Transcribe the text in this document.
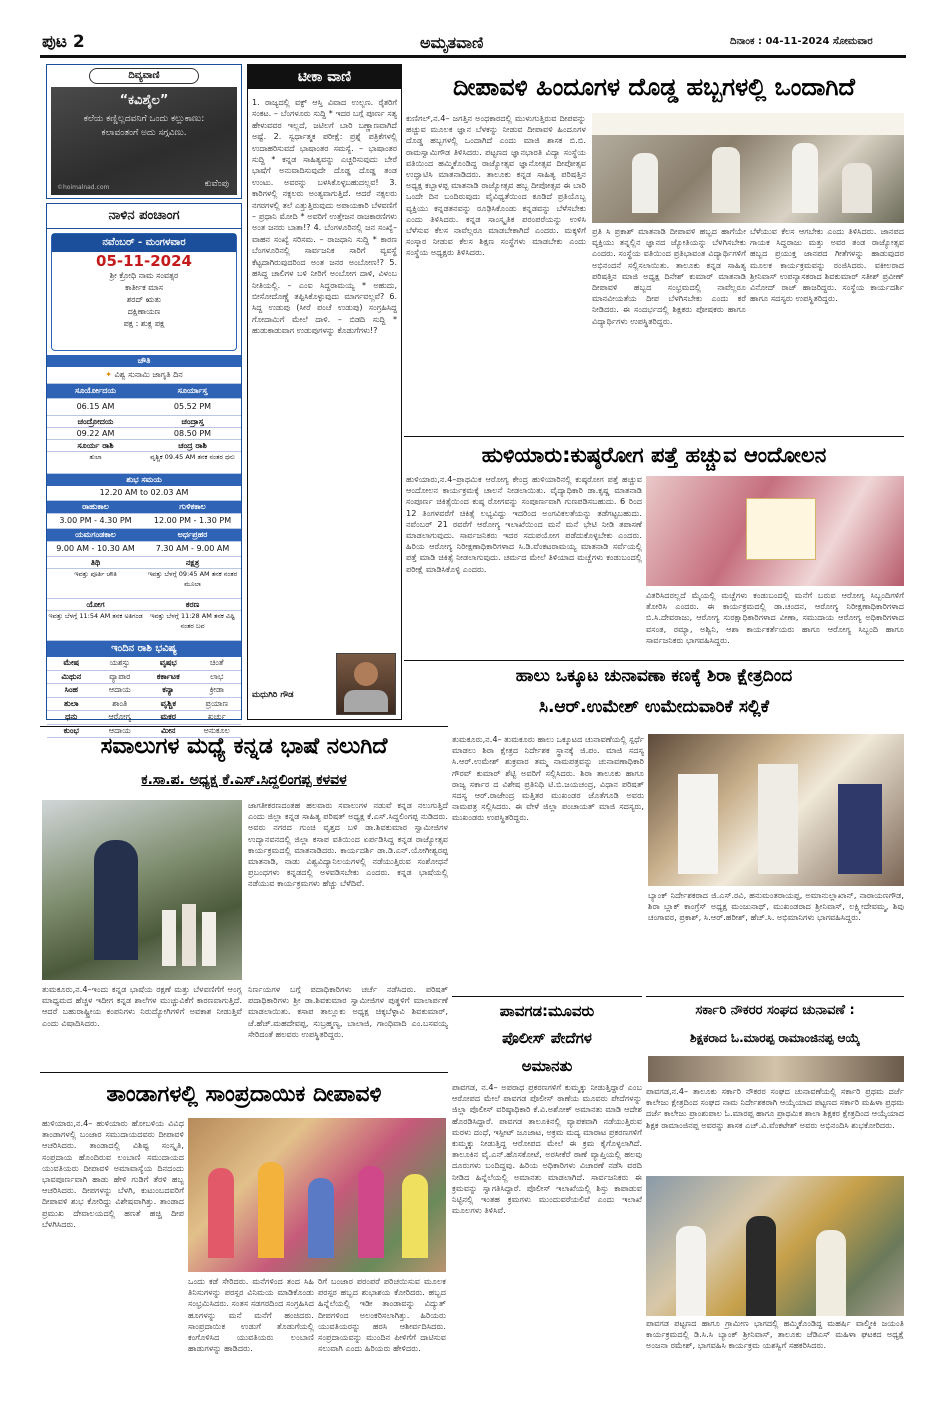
ಪುಟ 2	ಅಮೃತವಾಣಿ	ದಿನಾಂಕ : 04-11-2024 ಸೋಮವಾರ
ದಿವ್ಯವಾಣಿ
“ಕವಿಶೈಲ”
ಕಲೆಯ ಕಣ್ಣಿಲ್ಲದವನಿಗೆ ಒಂದು ಕಲ್ಲುಕಾಣು:
ಕಲಾವಂತಂಗೆ ಅದು ಸಗ್ಗವಿಣು.
©hoimalnad.com	ಕುವೆಂಪು
ನಾಳಿನ ಪಂಚಾಂಗ
ನವೆಂಬರ್ - ಮಂಗಳವಾರ
05-11-2024
ಶ್ರೀ ಕ್ರೋಧಿ ನಾಮ ಸಂವತ್ಸರ
ಕಾರ್ತೀಕ ಮಾಸ
ಶರದ್ ಋತು
ದಕ್ಷಿಣಾಯಣ
ಪಕ್ಷ : ಶುಕ್ಲ ಪಕ್ಷ
ಚೌತಿ
✦ ವಿಶ್ವ ಸುನಾಮಿ ಜಾಗೃತಿ ದಿನ
ಸೂರ್ಯೋದಯ	ಸೂರ್ಯಾಸ್ತ
06.15 AM	05.52 PM
ಚಂದ್ರೋದಯ	ಚಂದ್ರಾಸ್ತ
09.22 AM	08.50 PM
ಸೂರ್ಯ ರಾಶಿ	ಚಂದ್ರ ರಾಶಿ
ತುಲಾ	ವೃಶ್ಚಿಕ 09.45 AM ತನಕ ನಂತರ ಧನು
ಶುಭ ಸಮಯ
12.20 AM to 02.03 AM
ರಾಹುಕಾಲ	ಗುಳಿಕಕಾಲ
3.00 PM - 4.30 PM	12.00 PM - 1.30 PM
ಯಮಗಂಡಕಾಲ	ಅರ್ಧಪ್ರಹರ
9.00 AM - 10.30 AM	7.30 AM - 9.00 AM
ತಿಥಿ	ನಕ್ಷತ್ರ
ಇವತ್ತು ಪೂರ್ತಿ ಚೌತಿ	ಇವತ್ತು ಬೆಳಗ್ಗೆ 09:45 AM ತನಕ ನಂತರ ಮೂಲಾ
ಯೋಗ	ಕರಣ
ಇವತ್ತು ಬೆಳಗ್ಗೆ 11:54 AM ತನಕ ಅತಿಗಂಡ	ಇವತ್ತು ಬೆಳಗ್ಗೆ 11:28 AM ತನಕ ವಿಷ್ಟಿ ನಂತರ ಬವ
ಇಂದಿನ ರಾಶಿ ಭವಿಷ್ಯ
ಮೇಷ	ಯಶಸ್ಸು	ವೃಷಭ	ಚಿಂತೆ
ಮಿಥುನ	ವ್ಯಾಪಾರ	ಕರ್ಕಾಟಕ	ಲಾಭ
ಸಿಂಹ	ಆದಾಯ	ಕನ್ಯಾ	ಕ್ರೀಡಾ
ತುಲಾ	ಶಾಂತಿ	ವೃಶ್ಚಿಕ	ಪ್ರಯಾಣ
ಧನು	ಆರೋಗ್ಯ	ಮಕರ	ಖರ್ಚು
ಕುಂಭ	ಆದಾಯ	ಮೀನ	ಅನುಕೂಲ
ಟೀಕಾ ವಾಣಿ
1. ರಾಜ್ಯದಲ್ಲಿ ವಕ್ಫ್ ಆಸ್ತಿ ವಿವಾದ ಉಲ್ಬಣ. ರೈತರಿಗೆ ಸಂಕಟ. – ಬೆಂಗಳೂರು ಸುದ್ದಿ * ಇದರ ಬಗ್ಗೆ ಪೂರ್ಣ ಸತ್ಯ ಹೇಳುವವರ ಇಲ್ಲದೆ, ಜಟಿಲಗೆ ಬಾರಿ ಬಣ್ಣಾಣವಾಗಿದೆ ಅಷ್ಟೆ. 2. ಸ್ವರ್ಧಾತ್ಮಕ ಪರೀಕ್ಷೆ: ಪ್ರಶ್ನೆ ಪತ್ರಿಕೆಗಳಲ್ಲಿ ಉದಾಹರಿಸುವದೆ ಭಾಷಾಂತರ ಸಮಸ್ಯೆ. – ಭಾಷಾಂತರ ಸುದ್ದಿ * ಕನ್ನಡ ಸಾಹಿತ್ಯವನ್ನು ಎಚ್ಚರಿಸುವುದು ಬೇರೆ ಭಾಷೆಗೆ ಅನುವಾದಿಸುವುದೇ ದೊಡ್ಡ ದೊಡ್ಡ ತಂಡ ಉಂಟು. ಅವರನ್ನು ಬಳಸಿಕೊಳ್ಳಬಹುದಲ್ಲವ! 3. ಕಾರಿಗಳಲ್ಲಿ ನಕ್ಸಲರು ಅಂತ್ಯವಾಗುತ್ತಿದೆ. ಆದರೆ ನಕ್ಸಲರು ನಗರಗಳಲ್ಲಿ ತಲೆ ಎತ್ತುತ್ತಿರುವುದು ಅಪಾಯಕಾರಿ ಬೆಳವಣಿಗೆ – ಪ್ರಧಾನಿ ಮೋದಿ * ಅವರಿಗೆ ಉತ್ತೇಜನ ರಾಜಕಾರಣಿಗಳು ಅಂತ ಜನರು ಬಾತಾ!? 4. ಬೆಂಗಳೂರಿನಲ್ಲಿ ಜನ ಸಂಖ್ಯೆ–ವಾಹನ ಸಂಖ್ಯೆ ಸರಿಸಮ. – ರಾಜಧಾನಿ ಸುದ್ದಿ * ಕಾರಣ ಬೆಂಗಳೂರಿನಲ್ಲಿ ಸಾರ್ವಜನಿಕ ಸಾರಿಗೆ ವ್ಯವಸ್ಥೆ ಕೆಟ್ಟದಾಗಿರುವುದರಿಂದ ಅಂತ ಜನರ ಅಂಬೋಣ!? 5. ಹಸಿದ್ದ ಚಾಲಿಗಳ ಬಳಿ ನೀರಿಗೆ ಅಂಬೋಗ ದಾಳಿ, ವಿಳಂಬ ನೀತಿಯಲ್ಲಿ. – ಎಂಐ ಸಿದ್ದರಾಮಯ್ಯ * ಅಹುದು, ಬೀಸೋದೊಣ್ಣೆ ತಪ್ಪಿಸಿಕೊಳ್ಳುವುದು ಮಾರ್ಗವಲ್ಲವೆ? 6. ಸಿದ್ದ ಉಡುಪು (ಸೀರೆ ಪಂಚೆ ಉಡುಪು) ಸಂಗ್ರಹಿಸಿದ್ದ ಗೋದಾಮಿಗೆ ಮೇಲೆ ದಾಳಿ. – ಬಿಡದಿ ಸುದ್ದಿ * ಹುಡುಕಾಡುವಾಗ ಉಡುಪುಗಳನ್ನು ಕೊಡುಗೆಗಳು!?
ಮಧುಗಿರಿ ಗೌಡ
ದೀಪಾವಳಿ ಹಿಂದೂಗಳ ದೊಡ್ಡ ಹಬ್ಬಗಳಲ್ಲಿ ಒಂದಾಗಿದೆ
ಕುಣಿಗಲ್,ನ.4– ಜಗತ್ತಿನ ಅಂಧಕಾರದಲ್ಲಿ ಮುಳುಗುತ್ತಿರುವ ದೀಪವನ್ನು ಹಚ್ಚುವ ಮೂಲಕ ಜ್ಞಾನ ಬೆಳಕನ್ನು ನೀಡುವ ದೀಪಾವಳಿ ಹಿಂದೂಗಳ ದೊಡ್ಡ ಹಬ್ಬಗಳಲ್ಲಿ ಒಂದಾಗಿದೆ ಎಂದು ಮಾಜಿ ಶಾಸಕ ಬಿ.ಬಿ. ರಾಮಸ್ವಾಮಿಗೌಡ ತಿಳಿಸಿದರು. ಪಟ್ಟಣದ ಜ್ಞಾನಭಾರತಿ ವಿದ್ಯಾ ಸಂಸ್ಥೆಯ ವತಿಯಿಂದ ಹಮ್ಮಿಕೊಂಡಿದ್ದ ರಾಜ್ಯೋತ್ಸವ ಜ್ಞಾನೋತ್ಸವ ದೀಪೋತ್ಸವ ಉದ್ಘಾಟಿಸಿ ಮಾತನಾಡಿದರು. ತಾಲೂಕು ಕನ್ನಡ ಸಾಹಿತ್ಯ ಪರಿಷತ್ತಿನ ಅಧ್ಯಕ್ಷ ಕಬ್ಬಾಳಪ್ಪ ಮಾತನಾಡಿ ರಾಜ್ಯೋತ್ಸವ ಹಬ್ಬ ದೀಪೋತ್ಸವ ಈ ಬಾರಿ ಒಂದೇ ದಿನ ಬಂದಿರುವುದು ವೈವಿಧ್ಯತೆಯಿಂದ ಕೂಡಿದೆ ಪ್ರತಿಯೊಬ್ಬ ವ್ಯಕ್ತಿಯು ಕನ್ನಡತನವನ್ನು ರೂಢಿಸಿಕೊಂಡು ಕನ್ನಡವನ್ನು ಬೆಳೆಸಬೇಕು ಎಂದು ತಿಳಿಸಿದರು. ಕನ್ನಡ ಸಾಂಸ್ಕೃತಿಕ ಪರಂಪರೆಯನ್ನು ಉಳಿಸಿ ಬೆಳೆಸುವ ಕೆಲಸ ನಾವೆಲ್ಲರೂ ಮಾಡಬೇಕಾಗಿದೆ ಎಂದರು. ಮಕ್ಕಳಿಗೆ ಸಂಸ್ಕಾರ ನೀಡುವ ಕೆಲಸ ಶಿಕ್ಷಣ ಸಂಸ್ಥೆಗಳು ಮಾಡಬೇಕು ಎಂದು ಸಂಸ್ಥೆಯ ಅಧ್ಯಕ್ಷರು ತಿಳಿಸಿದರು.
ಪ್ರತಿ ಸಿ ಪ್ರಕಾಶ್ ಮಾತನಾಡಿ ದೀಪಾವಳಿ ಹಬ್ಬದ ಹಾಗೆಯೇ ವ್ಯಕ್ತಿಯು ತನ್ನಲ್ಲಿನ ಜ್ಞಾನದ ಜ್ಯೋತಿಯನ್ನು ಬೆಳಗಿಸಬೇಕು ಎಂದರು. ಸಂಸ್ಥೆಯ ವತಿಯಿಂದ ಪ್ರತಿಭಾವಂತ ವಿದ್ಯಾರ್ಥಿಗಳಿಗೆ ಅಭಿನಂದನೆ ಸಲ್ಲಿಸಲಾಯಿತು. ತಾಲೂಕು ಕನ್ನಡ ಸಾಹಿತ್ಯ ಪರಿಷತ್ತಿನ ಮಾಜಿ ಅಧ್ಯಕ್ಷ ದಿನೇಶ್ ಕುಮಾರ್ ಮಾತನಾಡಿ ದೀಪಾವಳಿ ಹಬ್ಬದ ಸಂಭ್ರಮದಲ್ಲಿ ನಾವೆಲ್ಲರೂ ಮಾನವೀಯತೆಯ ದೀಪ ಬೆಳಗಿಸಬೇಕು ಎಂದು ಕರೆ ನೀಡಿದರು. ಈ ಸಂದರ್ಭದಲ್ಲಿ ಶಿಕ್ಷಕರು ಪೋಷಕರು ಹಾಗೂ ವಿದ್ಯಾರ್ಥಿಗಳು ಉಪಸ್ಥಿತರಿದ್ದರು.
ಬೆಳೆಯುವ ಕೆಲಸ ಆಗಬೇಕು ಎಂದು ತಿಳಿಸಿದರು. ಜಾನಪದ ಗಾಯಕ ಸಿದ್ದರಾಜು ಮತ್ತು ಅವರ ತಂಡ ರಾಜ್ಯೋತ್ಸವ ಹಬ್ಬದ ಪ್ರಯುಕ್ತ ಜಾನಪದ ಗೀತೆಗಳನ್ನು ಹಾಡುವುದರ ಮೂಲಕ ಕಾರ್ಯಕ್ರಮವನ್ನು ರಂಜಿಸಿದರು. ವಕೀಲರಾದ ಶ್ರೀನಿವಾಸ್ ಉಪನ್ಯಾಸಕರಾದ ಶಿವಕುಮಾರ್ ಸತೀಶ್ ಪ್ರವೀಣ್ ವಿನೋದ್ ರಾಜ್ ಹಾಜರಿದ್ದರು. ಸಂಸ್ಥೆಯ ಕಾರ್ಯದರ್ಶಿ ಹಾಗೂ ಸದಸ್ಯರು ಉಪಸ್ಥಿತರಿದ್ದರು.
ಹುಳಿಯಾರು:ಕುಷ್ಠರೋಗ ಪತ್ತೆ ಹಚ್ಚುವ ಆಂದೋಲನ
ಹುಳಿಯಾರು,ನ.4–ಪ್ರಾಥಮಿಕ ಆರೋಗ್ಯ ಕೇಂದ್ರ ಹುಳಿಯಾರಿನಲ್ಲಿ ಕುಷ್ಠರೋಗ ಪತ್ತೆ ಹಚ್ಚುವ ಆಂದೋಲನ ಕಾರ್ಯಕ್ರಮಕ್ಕೆ ಚಾಲನೆ ನೀಡಲಾಯಿತು. ವೈದ್ಯಾಧಿಕಾರಿ ಡಾ.ಕೃಷ್ಣ ಮಾತನಾಡಿ ಸಂಪೂರ್ಣ ಚಿಕಿತ್ಸೆಯಿಂದ ಕುಷ್ಠ ರೋಗವನ್ನು ಸಂಪೂರ್ಣವಾಗಿ ಗುಣಪಡಿಸಬಹುದು. 6 ರಿಂದ 12 ತಿಂಗಳವರೆಗೆ ಚಿಕಿತ್ಸೆ ಲಭ್ಯವಿದ್ದು ಇದರಿಂದ ಅಂಗವಿಕಲತೆಯನ್ನು ತಡೆಗಟ್ಟಬಹುದು. ನವೆಂಬರ್ 21 ರವರೆಗೆ ಆರೋಗ್ಯ ಇಲಾಖೆಯಿಂದ ಮನೆ ಮನೆ ಭೇಟಿ ನೀಡಿ ತಪಾಸಣೆ ಮಾಡಲಾಗುವುದು. ಸಾರ್ವಜನಿಕರು ಇದರ ಸದುಪಯೋಗ ಪಡೆದುಕೊಳ್ಳಬೇಕು ಎಂದರು. ಹಿರಿಯ ಆರೋಗ್ಯ ನಿರೀಕ್ಷಣಾಧಿಕಾರಿಗಳಾದ ಸಿ.ಡಿ.ವೆಂಕಟರಾಮಯ್ಯ ಮಾತನಾಡಿ ಸರ್ವೆಯಲ್ಲಿ ಪತ್ತೆ ಮಾಡಿ ಚಿಕಿತ್ಸೆ ನೀಡಲಾಗುವುದು. ಚರ್ಮದ ಮೇಲೆ ತಿಳಿಯಾದ ಮಚ್ಚೆಗಳು ಕಂಡುಬಂದಲ್ಲಿ ಪರೀಕ್ಷೆ ಮಾಡಿಸಿಕೊಳ್ಳಿ ಎಂದರು.
ವಿತರಿಸಿದರಲ್ಲದೆ ಮೈಯಲ್ಲಿ ಮಚ್ಚೆಗಳು ಕಂಡುಬಂದಲ್ಲಿ ಮನೆಗೆ ಬರುವ ಆರೋಗ್ಯ ಸಿಬ್ಬಂದಿಗಳಿಗೆ ತೋರಿಸಿ ಎಂದರು. ಈ ಕಾರ್ಯಕ್ರಮದಲ್ಲಿ ಡಾ.ಚಂದನ, ಆರೋಗ್ಯ ನಿರೀಕ್ಷಣಾಧಿಕಾರಿಗಳಾದ ಬಿ.ಸಿ.ದೇವರಾಜು, ಆರೋಗ್ಯ ಸುರಕ್ಷಾಧಿಕಾರಿಗಳಾದ ವೀಣಾ, ಸಮುದಾಯ ಆರೋಗ್ಯ ಅಧಿಕಾರಿಗಳಾದ ವಸಂತ, ರಮ್ಯಾ, ಅಶ್ವಿನಿ, ಆಶಾ ಕಾರ್ಯಕರ್ತೆಯರು ಹಾಗೂ ಆರೋಗ್ಯ ಸಿಬ್ಬಂದಿ ಹಾಗೂ ಸಾರ್ವಜನಿಕರು ಭಾಗವಹಿಸಿದ್ದರು.
ಹಾಲು ಒಕ್ಕೂಟ ಚುನಾವಣಾ ಕಣಕ್ಕೆ ಶಿರಾ ಕ್ಷೇತ್ರದಿಂದ
ಸಿ.ಆರ್.ಉಮೇಶ್ ಉಮೇದುವಾರಿಕೆ ಸಲ್ಲಿಕೆ
ತುಮಕೂರು,ನ.4– ತುಮಕೂರು ಹಾಲು ಒಕ್ಕೂಟದ ಚುನಾವಣೆಯಲ್ಲಿ ಸ್ಪರ್ಧೆ ಮಾಡಲು ಶಿರಾ ಕ್ಷೇತ್ರದ ನಿರ್ದೇಶಕ ಸ್ಥಾನಕ್ಕೆ ಜಿ.ಪಂ. ಮಾಜಿ ಸದಸ್ಯ ಸಿ.ಆರ್.ಉಮೇಶ್ ಶುಕ್ರವಾರ ತಮ್ಮ ನಾಮಪತ್ರವನ್ನು ಚುನಾವಣಾಧಿಕಾರಿ ಗೌರವ್ ಕುಮಾರ್ ಶೆಟ್ಟಿ ಅವರಿಗೆ ಸಲ್ಲಿಸಿದರು. ಶಿರಾ ತಾಲೂಕು ಹಾಗೂ ರಾಜ್ಯ ಸರ್ಕಾರ ದ ವಿಶೇಷ ಪ್ರತಿನಿಧಿ ಟಿ.ಬಿ.ಜಯಚಂದ್ರ, ವಿಧಾನ ಪರಿಷತ್ ಸದಸ್ಯ ಆರ್.ರಾಜೇಂದ್ರ ಮತ್ತಿತರ ಮುಖಂಡರ ಜೊತೆಗೂಡಿ ಅವರು ನಾಮಪತ್ರ ಸಲ್ಲಿಸಿದರು. ಈ ವೇಳೆ ಜಿಲ್ಲಾ ಪಂಚಾಯತ್ ಮಾಜಿ ಸದಸ್ಯರು, ಮುಖಂಡರು ಉಪಸ್ಥಿತರಿದ್ದರು.
ಬ್ಯಾಂಕ್ ನಿರ್ದೇಶಕರಾದ ಜಿ.ಎಸ್.ರವಿ, ಹನುಮಂತರಾಯಪ್ಪ, ಅಮಾನುಲ್ಲಾಖಾನ್, ನಾರಾಯಣಗೌಡ, ಶಿರಾ ಬ್ಲಾಕ್ ಕಾಂಗ್ರೆಸ್ ಅಧ್ಯಕ್ಷ ಮಂಜುನಾಥ್, ಮುಖಂಡರಾದ ಶ್ರೀನಿವಾಸ್, ಲಕ್ಷ್ಮೀದೇವಮ್ಮ, ಶಿವು ಚಂಗಾವರ, ಪ್ರಕಾಶ್, ಸಿ.ಆರ್.ಹರೀಶ್, ಹೆಚ್.ಸಿ. ಅಭಿಮಾನಿಗಳು ಭಾಗವಹಿಸಿದ್ದರು.
ಸವಾಲುಗಳ ಮಧ್ಯೆ ಕನ್ನಡ ಭಾಷೆ ನಲುಗಿದೆ
ಕ.ಸಾ.ಪ. ಅಧ್ಯಕ್ಷ ಕೆ.ಎಸ್.ಸಿದ್ದಲಿಂಗಪ್ಪ ಕಳವಳ
ಜಾಗತೀಕರಣದಂತಹ ಹಲವಾರು ಸವಾಲುಗಳ ನಡುವೆ ಕನ್ನಡ ನಲುಗುತ್ತಿದೆ ಎಂದು ಜಿಲ್ಲಾ ಕನ್ನಡ ಸಾಹಿತ್ಯ ಪರಿಷತ್ ಅಧ್ಯಕ್ಷ ಕೆ.ಎಸ್.ಸಿದ್ದಲಿಂಗಪ್ಪ ನುಡಿದರು. ಅವರು ನಗರದ ಗುಂಚಿ ವೃತ್ತದ ಬಳಿ ಡಾ.ಶಿವಕುಮಾರ ಸ್ವಾಮೀಜಿಗಳ ಉದ್ಯಾನವನದಲ್ಲಿ ಜಿಲ್ಲಾ ಕಸಾಪ ವತಿಯಿಂದ ಏರ್ಪಡಿಸಿದ್ದ ಕನ್ನಡ ರಾಜ್ಯೋತ್ಸವ ಕಾರ್ಯಕ್ರಮದಲ್ಲಿ ಮಾತನಾಡಿದರು. ಕಾರ್ಯದರ್ಶಿ ಡಾ.ಡಿ.ಎನ್.ಯೋಗೀಶ್ವರಪ್ಪ ಮಾತನಾಡಿ, ನಾಡು ವಿಶ್ವವಿದ್ಯಾನಿಲಯಗಳಲ್ಲಿ ನಡೆಯುತ್ತಿರುವ ಸಂಶೋಧನೆ ಪ್ರಬಂಧಗಳು ಕನ್ನಡದಲ್ಲಿ ಅಳವಡಿಸಬೇಕು ಎಂದರು. ಕನ್ನಡ ಭಾಷೆಯಲ್ಲಿ ನಡೆಯುವ ಕಾರ್ಯಕ್ರಮಗಳು ಹೆಚ್ಚು ಬೆಳೆದಿವೆ.
ತುಮಕೂರು,ನ.4–ಇಂದು ಕನ್ನಡ ಭಾಷೆಯ ರಕ್ಷಣೆ ಮತ್ತು ಬೆಳವಣಿಗೆಗೆ ಆಂಗ್ಲ ಮಾಧ್ಯಮದ ಹೆಚ್ಚಳ ಇದೀಗ ಕನ್ನಡ ಶಾಲೆಗಳ ಮುಚ್ಚುವಿಕೆಗೆ ಕಾರಣವಾಗುತ್ತಿದೆ. ಆದರೆ ಬಹುರಾಷ್ಟ್ರೀಯ ಕಂಪನಿಗಳು ನಿರುದ್ಯೋಗಿಗಳಿಗೆ ಅವಕಾಶ ನೀಡುತ್ತಿವೆ ಎಂದು ವಿಷಾದಿಸಿದರು.
ನಿರ್ಣಯಗಳ ಬಗ್ಗೆ ಪದಾಧಿಕಾರಿಗಳು ಚರ್ಚೆ ನಡೆಸಿದರು. ಪರಿಷತ್ ಪದಾಧಿಕಾರಿಗಳು ಶ್ರೀ ಡಾ.ಶಿವಕುಮಾರ ಸ್ವಾಮೀಜಿಗಳ ಪುತ್ಥಳಿಗೆ ಮಾಲಾರ್ಪಣೆ ಮಾಡಲಾಯಿತು. ಕಸಾಪ ತಾಲ್ಲೂಕು ಅಧ್ಯಕ್ಷ ಚಿಕ್ಕಬೆಳ್ಳಾವಿ ಶಿವಕುಮಾರ್, ಜೆ.ಹೆಚ್.ಮಹದೇವಪ್ಪ, ಸುಬ್ರಹ್ಮಣ್ಯ, ಬಾಲಾಜಿ, ಗಾಂಧಿವಾದಿ ಎಂ.ಬಸವಯ್ಯ ಸೇರಿದಂತೆ ಹಲವರು ಉಪಸ್ಥಿತರಿದ್ದರು.
ತಾಂಡಾಗಳಲ್ಲಿ ಸಾಂಪ್ರದಾಯಿಕ ದೀಪಾವಳಿ
ಹುಳಿಯಾರು,ನ.4– ಹುಳಿಯಾರು ಹೋಬಳಿಯ ವಿವಿಧ ತಾಂಡಾಗಳಲ್ಲಿ ಬಂಜಾರ ಸಮುದಾಯದವರು ದೀಪಾವಳಿ ಆಚರಿಸಿದರು. ತಾಂಡಾದಲ್ಲಿ ವಿಶಿಷ್ಟ ಸಂಸ್ಕೃತಿ, ಸಂಪ್ರದಾಯ ಹೊಂದಿರುವ ಲಂಬಾಣಿ ಸಮುದಾಯದ ಯುವತಿಯರು ದೀಪಾವಳಿ ಅಮಾವಾಸ್ಯೆಯ ದಿನದಂದು ಭಾವಪೂರ್ಣವಾಗಿ ಹಾಡು ಹೇಳಿ ಗುಡಿಗೆ ತೆರಳಿ ಹಬ್ಬ ಆಚರಿಸಿದರು. ದೀಪಗಳನ್ನು ಬೆಳಗಿ, ಕುಟುಂಬದವರಿಗೆ ದೀಪಾವಳಿ ಶುಭ ಕೋರಿದ್ದು ವಿಶೇಷವಾಗಿತ್ತು. ತಾಂಡಾದ ಪ್ರಮುಖ ದೇವಾಲಯದಲ್ಲಿ ಹಣತೆ ಹಚ್ಚಿ ದೀಪ ಬೆಳಗಿಸಿದರು.
ಒಂದು ಕಡೆ ಸೇರಿದರು. ಮನೆಗಳಿಂದ ತಂದ ಸಿಹಿ ತಿನಿಸುಗಳನ್ನು ಪರಸ್ಪರ ವಿನಿಮಯ ಮಾಡಿಕೊಂಡು ಸಂಭ್ರಮಿಸಿದರು. ಸಂತಸ ಸಡಗರದಿಂದ ಸಂಗ್ರಹಿಸಿದ ಹೂಗಳನ್ನು ಮನೆ ಮನೆಗೆ ಹಂಚಿದರು. ಸಾಂಪ್ರದಾಯಿಕ ಉಡುಗೆ ತೊಡುಗೆಯಲ್ಲಿ ಕಂಗೊಳಿಸಿದ ಯುವತಿಯರು ಲಂಬಾಣಿ ಹಾಡುಗಳನ್ನು ಹಾಡಿದರು.
ರಿಗೆ ಬಂಜಾರ ಪರಂಪರೆ ಪರಿಚಯಿಸುವ ಮೂಲಕ ಪರಸ್ಪರ ಹಬ್ಬದ ಶುಭಾಶಯ ಕೋರಿದರು. ಹಬ್ಬದ ಹಿನ್ನೆಲೆಯಲ್ಲಿ ಇಡೀ ತಾಂಡಾವನ್ನು ವಿದ್ಯುತ್ ದೀಪಗಳಿಂದ ಅಲಂಕರಿಸಲಾಗಿತ್ತು. ಹಿರಿಯರು ಯುವತಿಯರನ್ನು ಹರಸಿ ಆಶೀರ್ವದಿಸಿದರು. ಸಂಪ್ರದಾಯವನ್ನು ಮುಂದಿನ ಪೀಳಿಗೆಗೆ ದಾಟಿಸುವ ಸಲುವಾಗಿ ಎಂದು ಹಿರಿಯರು ಹೇಳಿದರು.
ಪಾವಗಡ:ಮೂವರು
ಪೊಲೀಸ್ ಪೇದೆಗಳ
ಅಮಾನತು
ಪಾವಗಡ, ನ.4– ಅಪರಾಧ ಪ್ರಕರಣಗಳಿಗೆ ಕುಮ್ಮಕ್ಕು ನೀಡುತ್ತಿದ್ದಾರೆ ಎಂಬ ಆರೋಪದ ಮೇಲೆ ಪಾವಗಡ ಪೊಲೀಸ್ ಠಾಣೆಯ ಮೂವರು ಪೇದೆಗಳನ್ನು ಜಿಲ್ಲಾ ಪೊಲೀಸ್ ವರಿಷ್ಠಾಧಿಕಾರಿ ಕೆ.ವಿ.ಅಶೋಕ್ ಅಮಾನತು ಮಾಡಿ ಆದೇಶ ಹೊರಡಿಸಿದ್ದಾರೆ. ಪಾವಗಡ ತಾಲೂಕಿನಲ್ಲಿ ವ್ಯಾಪಕವಾಗಿ ನಡೆಯುತ್ತಿರುವ ಮರಳು ದಂಧೆ, ಇಸ್ಪೀಟ್ ಜೂಜಾಟ, ಅಕ್ರಮ ಮದ್ಯ ಮಾರಾಟ ಪ್ರಕರಣಗಳಿಗೆ ಕುಮ್ಮಕ್ಕು ನೀಡುತ್ತಿದ್ದ ಆರೋಪದ ಮೇಲೆ ಈ ಕ್ರಮ ಕೈಗೊಳ್ಳಲಾಗಿದೆ. ತಾಲೂಕಿನ ವೈ.ಎನ್.ಹೊಸಕೋಟೆ, ಅರಸೀಕೆರೆ ಠಾಣೆ ವ್ಯಾಪ್ತಿಯಲ್ಲಿ ಹಲವು ದೂರುಗಳು ಬಂದಿದ್ದವು. ಹಿರಿಯ ಅಧಿಕಾರಿಗಳು ವಿಚಾರಣೆ ನಡೆಸಿ ವರದಿ ನೀಡಿದ ಹಿನ್ನೆಲೆಯಲ್ಲಿ ಅಮಾನತು ಮಾಡಲಾಗಿದೆ. ಸಾರ್ವಜನಿಕರು ಈ ಕ್ರಮವನ್ನು ಸ್ವಾಗತಿಸಿದ್ದಾರೆ. ಪೊಲೀಸ್ ಇಲಾಖೆಯಲ್ಲಿ ಶಿಸ್ತು ಕಾಪಾಡುವ ನಿಟ್ಟಿನಲ್ಲಿ ಇಂತಹ ಕ್ರಮಗಳು ಮುಂದುವರೆಯಲಿವೆ ಎಂದು ಇಲಾಖೆ ಮೂಲಗಳು ತಿಳಿಸಿವೆ.
ಸರ್ಕಾರಿ ನೌಕರರ ಸಂಘದ ಚುನಾವಣೆ :
ಶಿಕ್ಷಕರಾದ ಓ.ಮಾರಪ್ಪ ರಾಮಾಂಜಿನಪ್ಪ ಆಯ್ಕೆ
ಪಾವಗಡ,ನ.4– ತಾಲೂಕು ಸರ್ಕಾರಿ ನೌಕರರ ಸಂಘದ ಚುನಾವಣೆಯಲ್ಲಿ ಸರ್ಕಾರಿ ಪ್ರಥಮ ದರ್ಜೆ ಕಾಲೇಜು ಕ್ಷೇತ್ರದಿಂದ ಸಂಘದ ನಾಮ ನಿರ್ದೇಶಕರಾಗಿ ಆಯ್ಕೆಯಾದ ಪಟ್ಟಣದ ಸರ್ಕಾರಿ ಮಹಿಳಾ ಪ್ರಥಮ ದರ್ಜೆ ಕಾಲೇಜು ಪ್ರಾಂಶುಪಾಲ ಓ.ಮಾರಪ್ಪ ಹಾಗೂ ಪ್ರಾಥಮಿಕ ಶಾಲಾ ಶಿಕ್ಷಕರ ಕ್ಷೇತ್ರದಿಂದ ಆಯ್ಕೆಯಾದ ಶಿಕ್ಷಕ ರಾಮಾಂಜಿನಪ್ಪ ಅವರನ್ನು ಶಾಸಕ ಎಚ್.ವಿ.ವೆಂಕಟೇಶ್ ಅವರು ಅಭಿನಂದಿಸಿ ಶುಭಕೋರಿದರು.
ಪಾವಗಡ ಪಟ್ಟಣದ ಹಾಗೂ ಗ್ರಾಮೀಣ ಭಾಗದಲ್ಲಿ ಹಮ್ಮಿಕೊಂಡಿದ್ದ ಮಹರ್ಷಿ ವಾಲ್ಮೀಕಿ ಜಯಂತಿ ಕಾರ್ಯಕ್ರಮದಲ್ಲಿ ಡಿ.ಸಿ.ಸಿ ಬ್ಯಾಂಕ್ ಶ್ರೀನಿವಾಸ್, ತಾಲೂಕು ಜೆಡಿಎಸ್ ಮಹಿಳಾ ಘಟಕದ ಅಧ್ಯಕ್ಷೆ ಅಂಜನಾ ರಮೇಶ್, ಭಾಗವಹಿಸಿ ಕಾರ್ಯಕ್ರಮ ಯಶಸ್ವಿಗೆ ಸಹಕರಿಸಿದರು.
